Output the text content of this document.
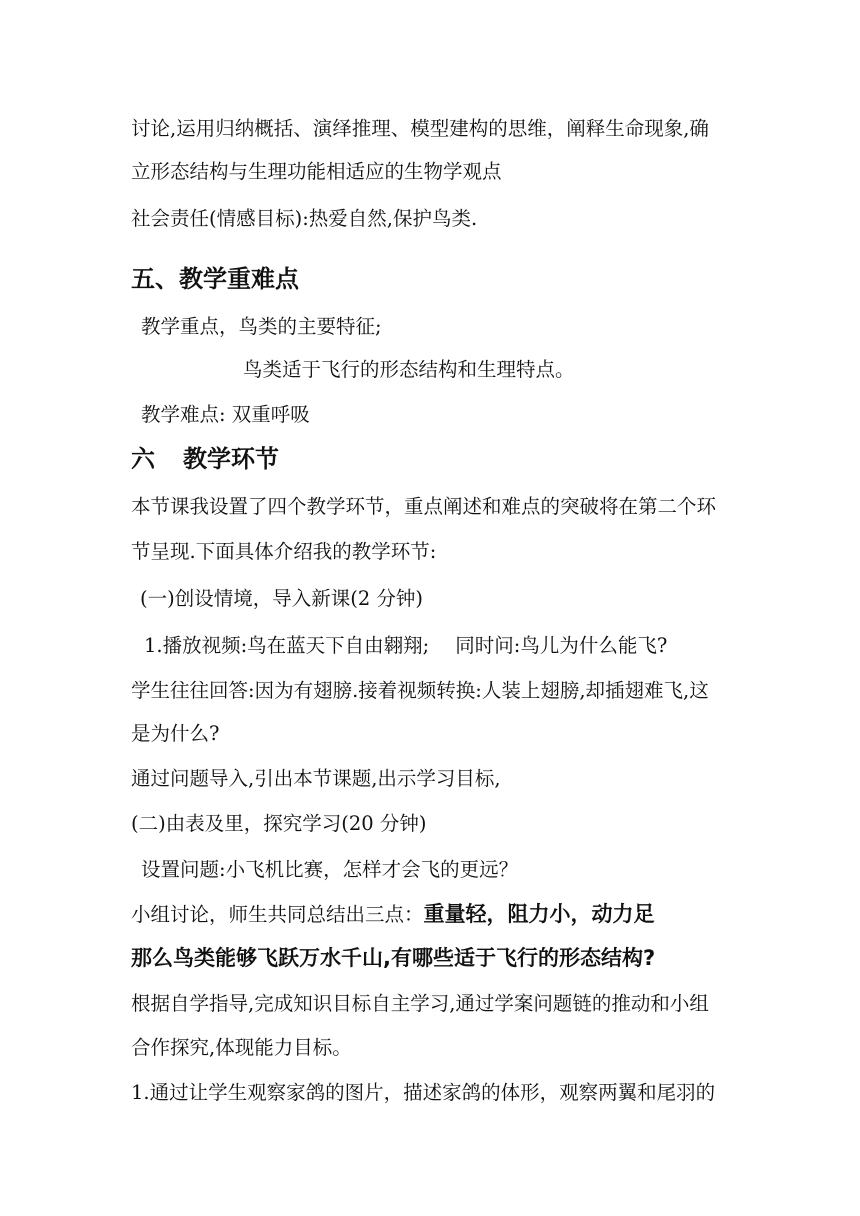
讨论,运用归纳概括、演绎推理、模型建构的思维，阐释生命现象,确
立形态结构与生理功能相适应的生物学观点
社会责任(情感目标):热爱自然,保护鸟类.
五、教学重难点
教学重点，鸟类的主要特征;
鸟类适于飞行的形态结构和生理特点。
教学难点: 双重呼吸
六 教学环节
本节课我设置了四个教学环节，重点阐述和难点的突破将在第二个环
节呈现.下面具体介绍我的教学环节:
(一)创设情境，导入新课(2 分钟)
1.播放视频:鸟在蓝天下自由翱翔; 同时问:鸟儿为什么能飞?
学生往往回答:因为有翅膀.接着视频转换:人装上翅膀,却插翅难飞,这
是为什么?
通过问题导入,引出本节课题,出示学习目标,
(二)由表及里，探究学习(20 分钟)
设置问题:小飞机比赛，怎样才会飞的更远？
小组讨论，师生共同总结出三点：重量轻，阻力小，动力足
那么鸟类能够飞跃万水千山,有哪些适于飞行的形态结构?
根据自学指导,完成知识目标自主学习,通过学案问题链的推动和小组
合作探究,体现能力目标。
1.通过让学生观察家鸽的图片，描述家鸽的体形，观察两翼和尾羽的
